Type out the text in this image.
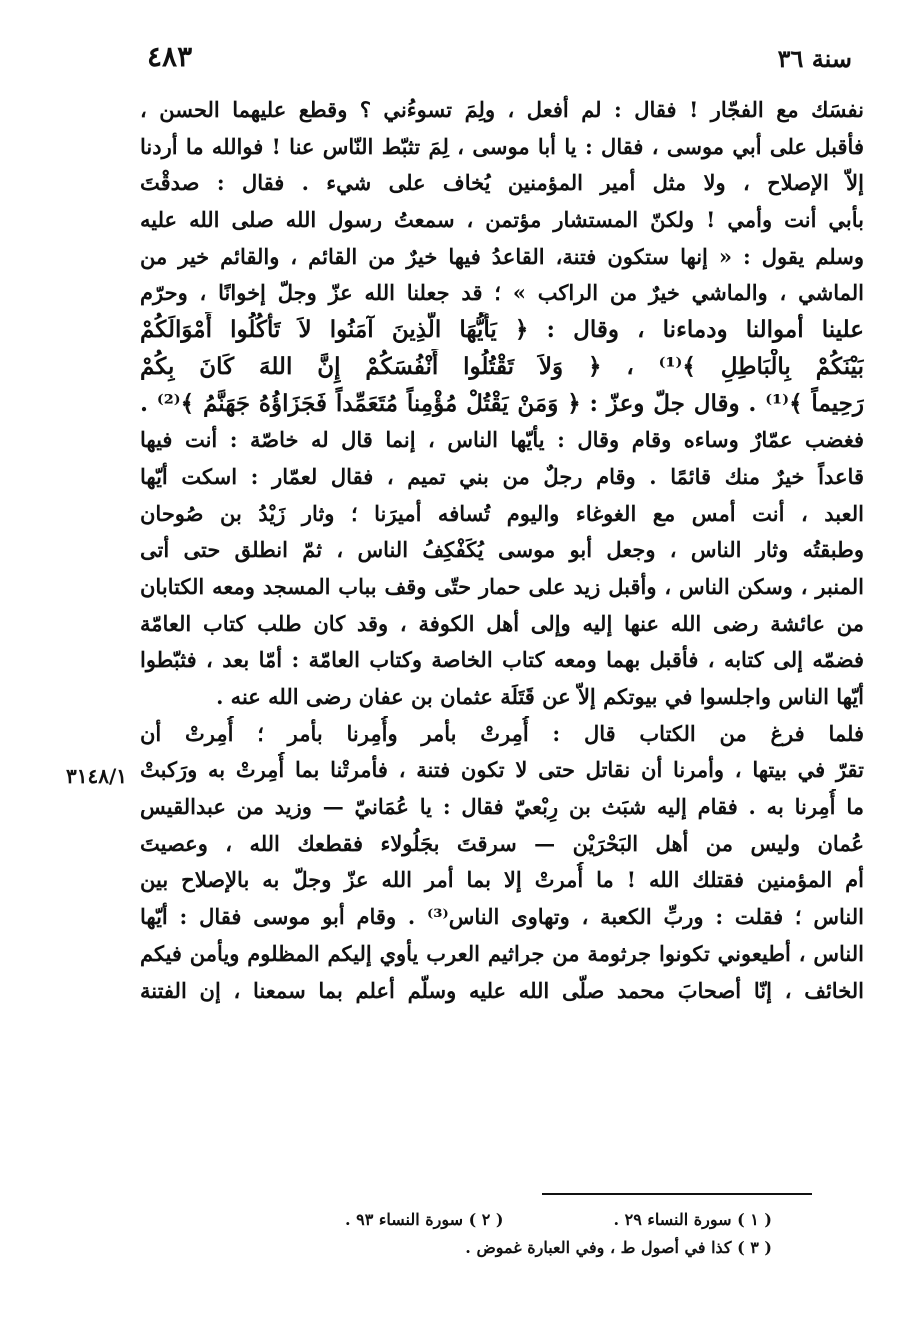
٤٨٣	سنة ٣٦
٣١٤٨/١
نفسَك مع الفجّار ! فقال : لم أفعل ، ولِمَ تسوءُني ؟ وقطع عليهما الحسن ،
فأقبل على أبي موسى ، فقال : يا أبا موسى ، لِمَ تثبّط النّاس عنا ! فوالله ما أردنا
إلاّ الإصلاح ، ولا مثل أمير المؤمنين يُخاف على شيء . فقال : صدقْتَ
بأبي أنت وأمي ! ولكنّ المستشار مؤتمن ، سمعتُ رسول الله صلى الله عليه
وسلم يقول : « إنها ستكون فتنة، القاعدُ فيها خيرٌ من القائم ، والقائم خير من
الماشي ، والماشي خيرٌ من الراكب » ؛ قد جعلنا الله عزّ وجلّ إخوانًا ، وحرّم
علينا أموالنا ودماءنا ، وقال : ﴿ يَأَيُّهَا الَّذِينَ آمَنُوا لاَ تَأْكُلُوا أَمْوَالَكُمْ
بَيْنَكُمْ بِالْبَاطِلِ ﴾⁽¹⁾ ، ﴿ وَلاَ تَقْتُلُوا أَنْفُسَكُمْ إِنَّ اللهَ كَانَ بِكُمْ
رَحِيماً ﴾⁽¹⁾ . وقال جلّ وعزّ : ﴿ وَمَنْ يَقْتُلْ مُؤْمِناً مُتَعَمِّداً فَجَزَاؤُهُ جَهَنَّمُ ﴾⁽²⁾ .
فغضب عمّارٌ وساءه وقام وقال : يأيّها الناس ، إنما قال له خاصّة : أنت فيها
قاعداً خيرٌ منك قائمًا . وقام رجلٌ من بني تميم ، فقال لعمّار : اسكت أيّها
العبد ، أنت أمس مع الغوغاء واليوم تُسافه أميرَنا ؛ وثار زَيْدُ بن صُوحان
وطبقتُه وثار الناس ، وجعل أبو موسى يُكَفْكِفُ الناس ، ثمّ انطلق حتى أتى
المنبر ، وسكن الناس ، وأقبل زيد على حمار حتّى وقف بباب المسجد ومعه الكتابان
من عائشة رضى الله عنها إليه وإلى أهل الكوفة ، وقد كان طلب كتاب العامّة
فضمّه إلى كتابه ، فأقبل بهما ومعه كتاب الخاصة وكتاب العامّة : أمّا بعد ، فثبّطوا
أيّها الناس واجلسوا في بيوتكم إلاّ عن قَتَلَة عثمان بن عفان رضى الله عنه .
فلما فرغ من الكتاب قال : أُمِرتْ بأمر وأُمِرنا بأمر ؛ أُمِرتْ أن
تقرّ في بيتها ، وأمرنا أن نقاتل حتى لا تكون فتنة ، فأمرتْنا بما أُمِرتْ به ورَكبتْ
ما أُمِرنا به . فقام إليه شبَث بن رِبْعيّ فقال : يا عُمَانيّ — وزيد من عبدالقيس
عُمان وليس من أهل البَحْرَيْن — سرقتَ بجَلُولاء فقطعك الله ، وعصيتَ
أم المؤمنين فقتلك الله ! ما أُمرتْ إلا بما أمر الله عزّ وجلّ به بالإصلاح بين
الناس ؛ فقلت : وربِّ الكعبة ، وتهاوى الناس⁽³⁾ . وقام أبو موسى فقال : أيّها
الناس ، أطيعوني تكونوا جرثومة من جراثيم العرب يأوي إليكم المظلوم ويأمن فيكم
الخائف ، إنّا أصحابَ محمد صلّى الله عليه وسلّم أعلم بما سمعنا ، إن الفتنة
( ١ ) سورة النساء ٢٩ .( ٢ ) سورة النساء ٩٣ .
( ٣ ) كذا في أصول ط ، وفي العبارة غموض .
